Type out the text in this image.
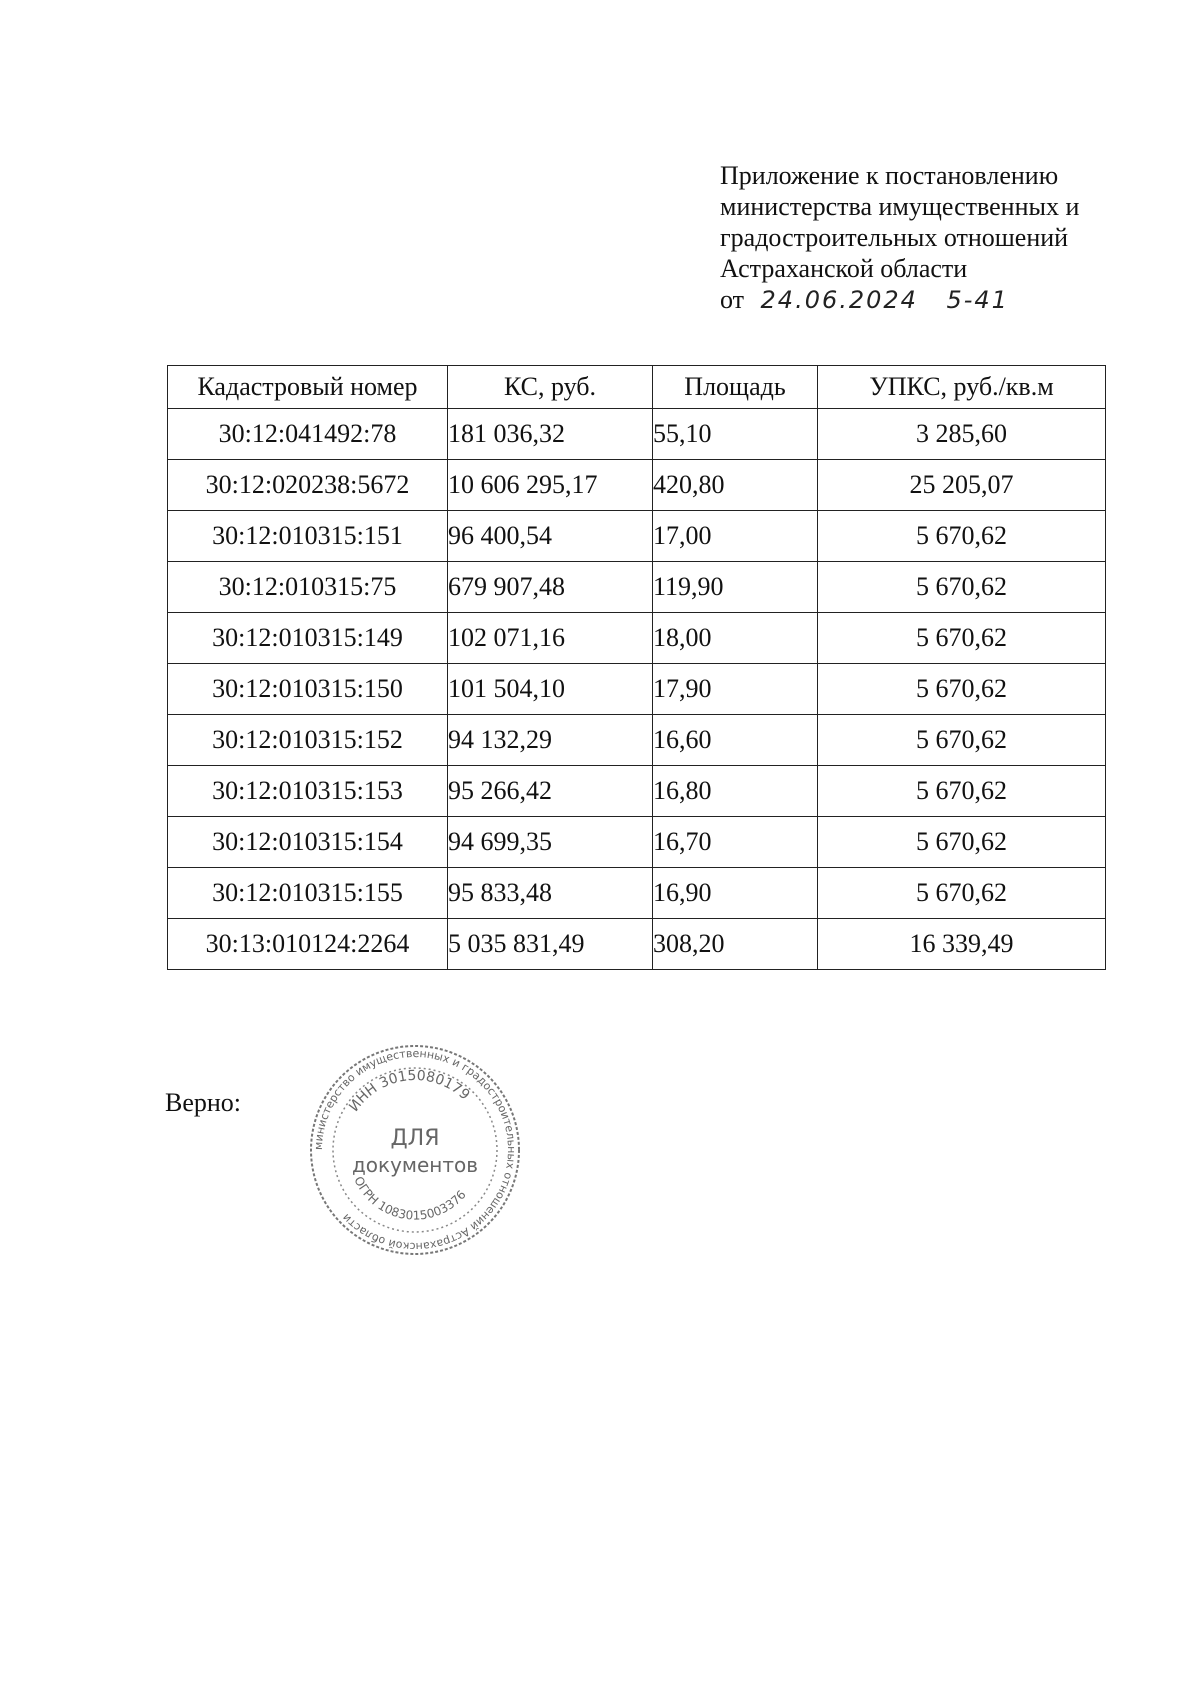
Приложение к постановлению
министерства имущественных и
градостроительных отношений
Астраханской области
от 24.06.2024 5-41
Кадастровый номер	КС, руб.	Площадь	УПКС, руб./кв.м
30:12:041492:78	181 036,32	55,10	3 285,60
30:12:020238:5672	10 606 295,17	420,80	25 205,07
30:12:010315:151	96 400,54	17,00	5 670,62
30:12:010315:75	679 907,48	119,90	5 670,62
30:12:010315:149	102 071,16	18,00	5 670,62
30:12:010315:150	101 504,10	17,90	5 670,62
30:12:010315:152	94 132,29	16,60	5 670,62
30:12:010315:153	95 266,42	16,80	5 670,62
30:12:010315:154	94 699,35	16,70	5 670,62
30:12:010315:155	95 833,48	16,90	5 670,62
30:13:010124:2264	5 035 831,49	308,20	16 339,49
Верно:
министерство имущественных и градостроительных отношений Астраханской области
ИНН 3015080179
ДЛЯ
документов
ОГРН 1083015003376
